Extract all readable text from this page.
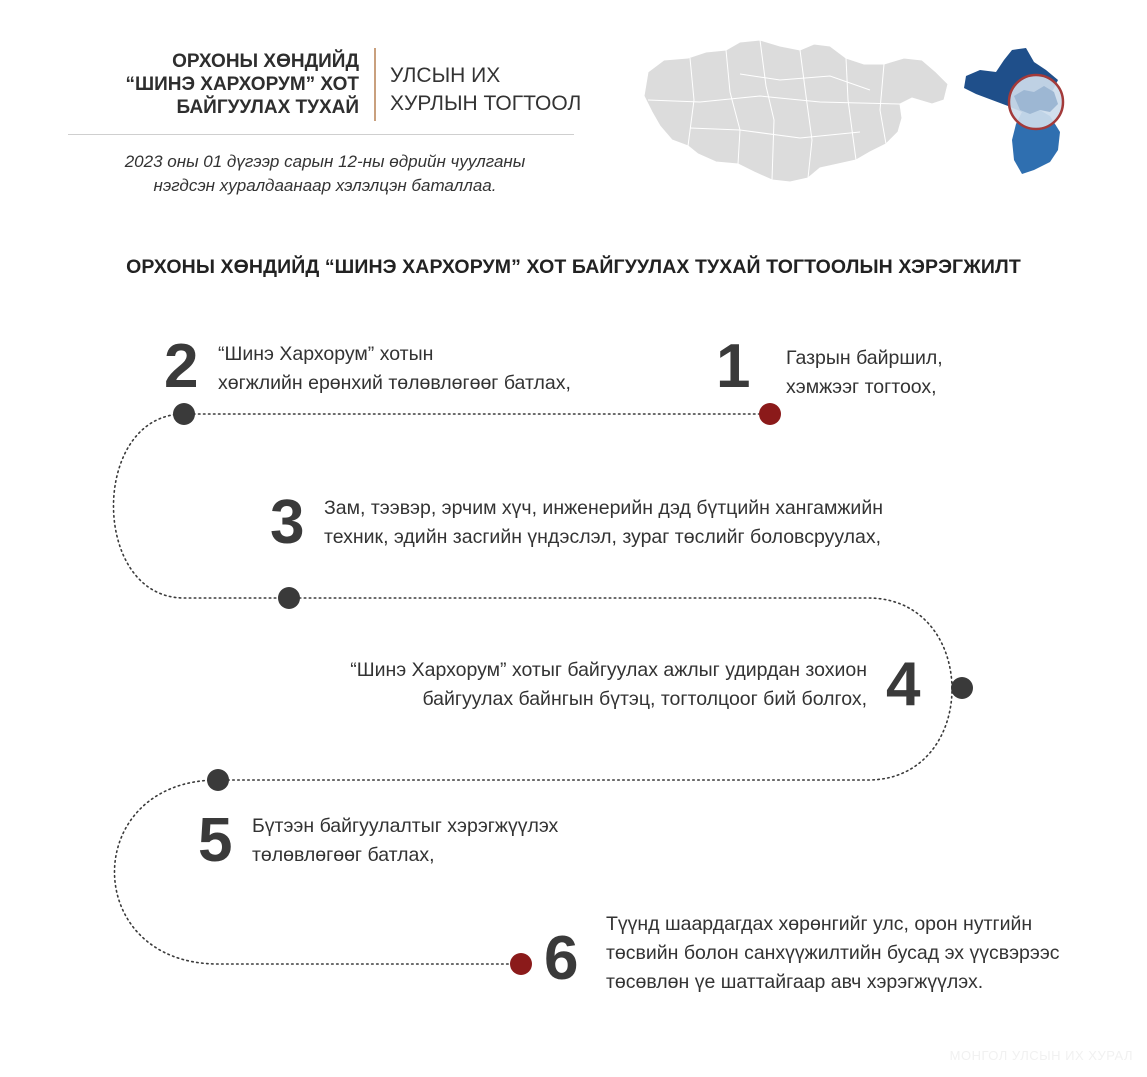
ОРХОНЫ ХӨНДИЙД
“ШИНЭ ХАРХОРУМ” ХОТ
БАЙГУУЛАХ ТУХАЙ
УЛСЫН ИХ
ХУРЛЫН ТОГТООЛ
2023 оны 01 дүгээр сарын 12-ны өдрийн чуулганы
нэгдсэн хуралдаанаар хэлэлцэн баталлаа.
ОРХОНЫ ХӨНДИЙД “ШИНЭ ХАРХОРУМ” ХОТ БАЙГУУЛАХ ТУХАЙ ТОГТООЛЫН ХЭРЭГЖИЛТ
2 “Шинэ Хархорум” хотын
хөгжлийн ерөнхий төлөвлөгөөг батлах, 1 Газрын байршил,
хэмжээг тогтоох,
3 Зам, тээвэр, эрчим хүч, инженерийн дэд бүтцийн хангамжийн
техник, эдийн засгийн үндэслэл, зураг төслийг боловсруулах,
“Шинэ Хархорум” хотыг байгуулах ажлыг удирдан зохион
байгуулах байнгын бүтэц, тогтолцоог бий болгох, 4
5 Бүтээн байгуулалтыг хэрэгжүүлэх
төлөвлөгөөг батлах,
6 Түүнд шаардагдах хөрөнгийг улс, орон нутгийн
төсвийн болон санхүүжилтийн бусад эх үүсвэрээс
төсөвлөн үе шаттайгаар авч хэрэгжүүлэх.
МОНГОЛ УЛСЫН ИХ ХУРАЛ
